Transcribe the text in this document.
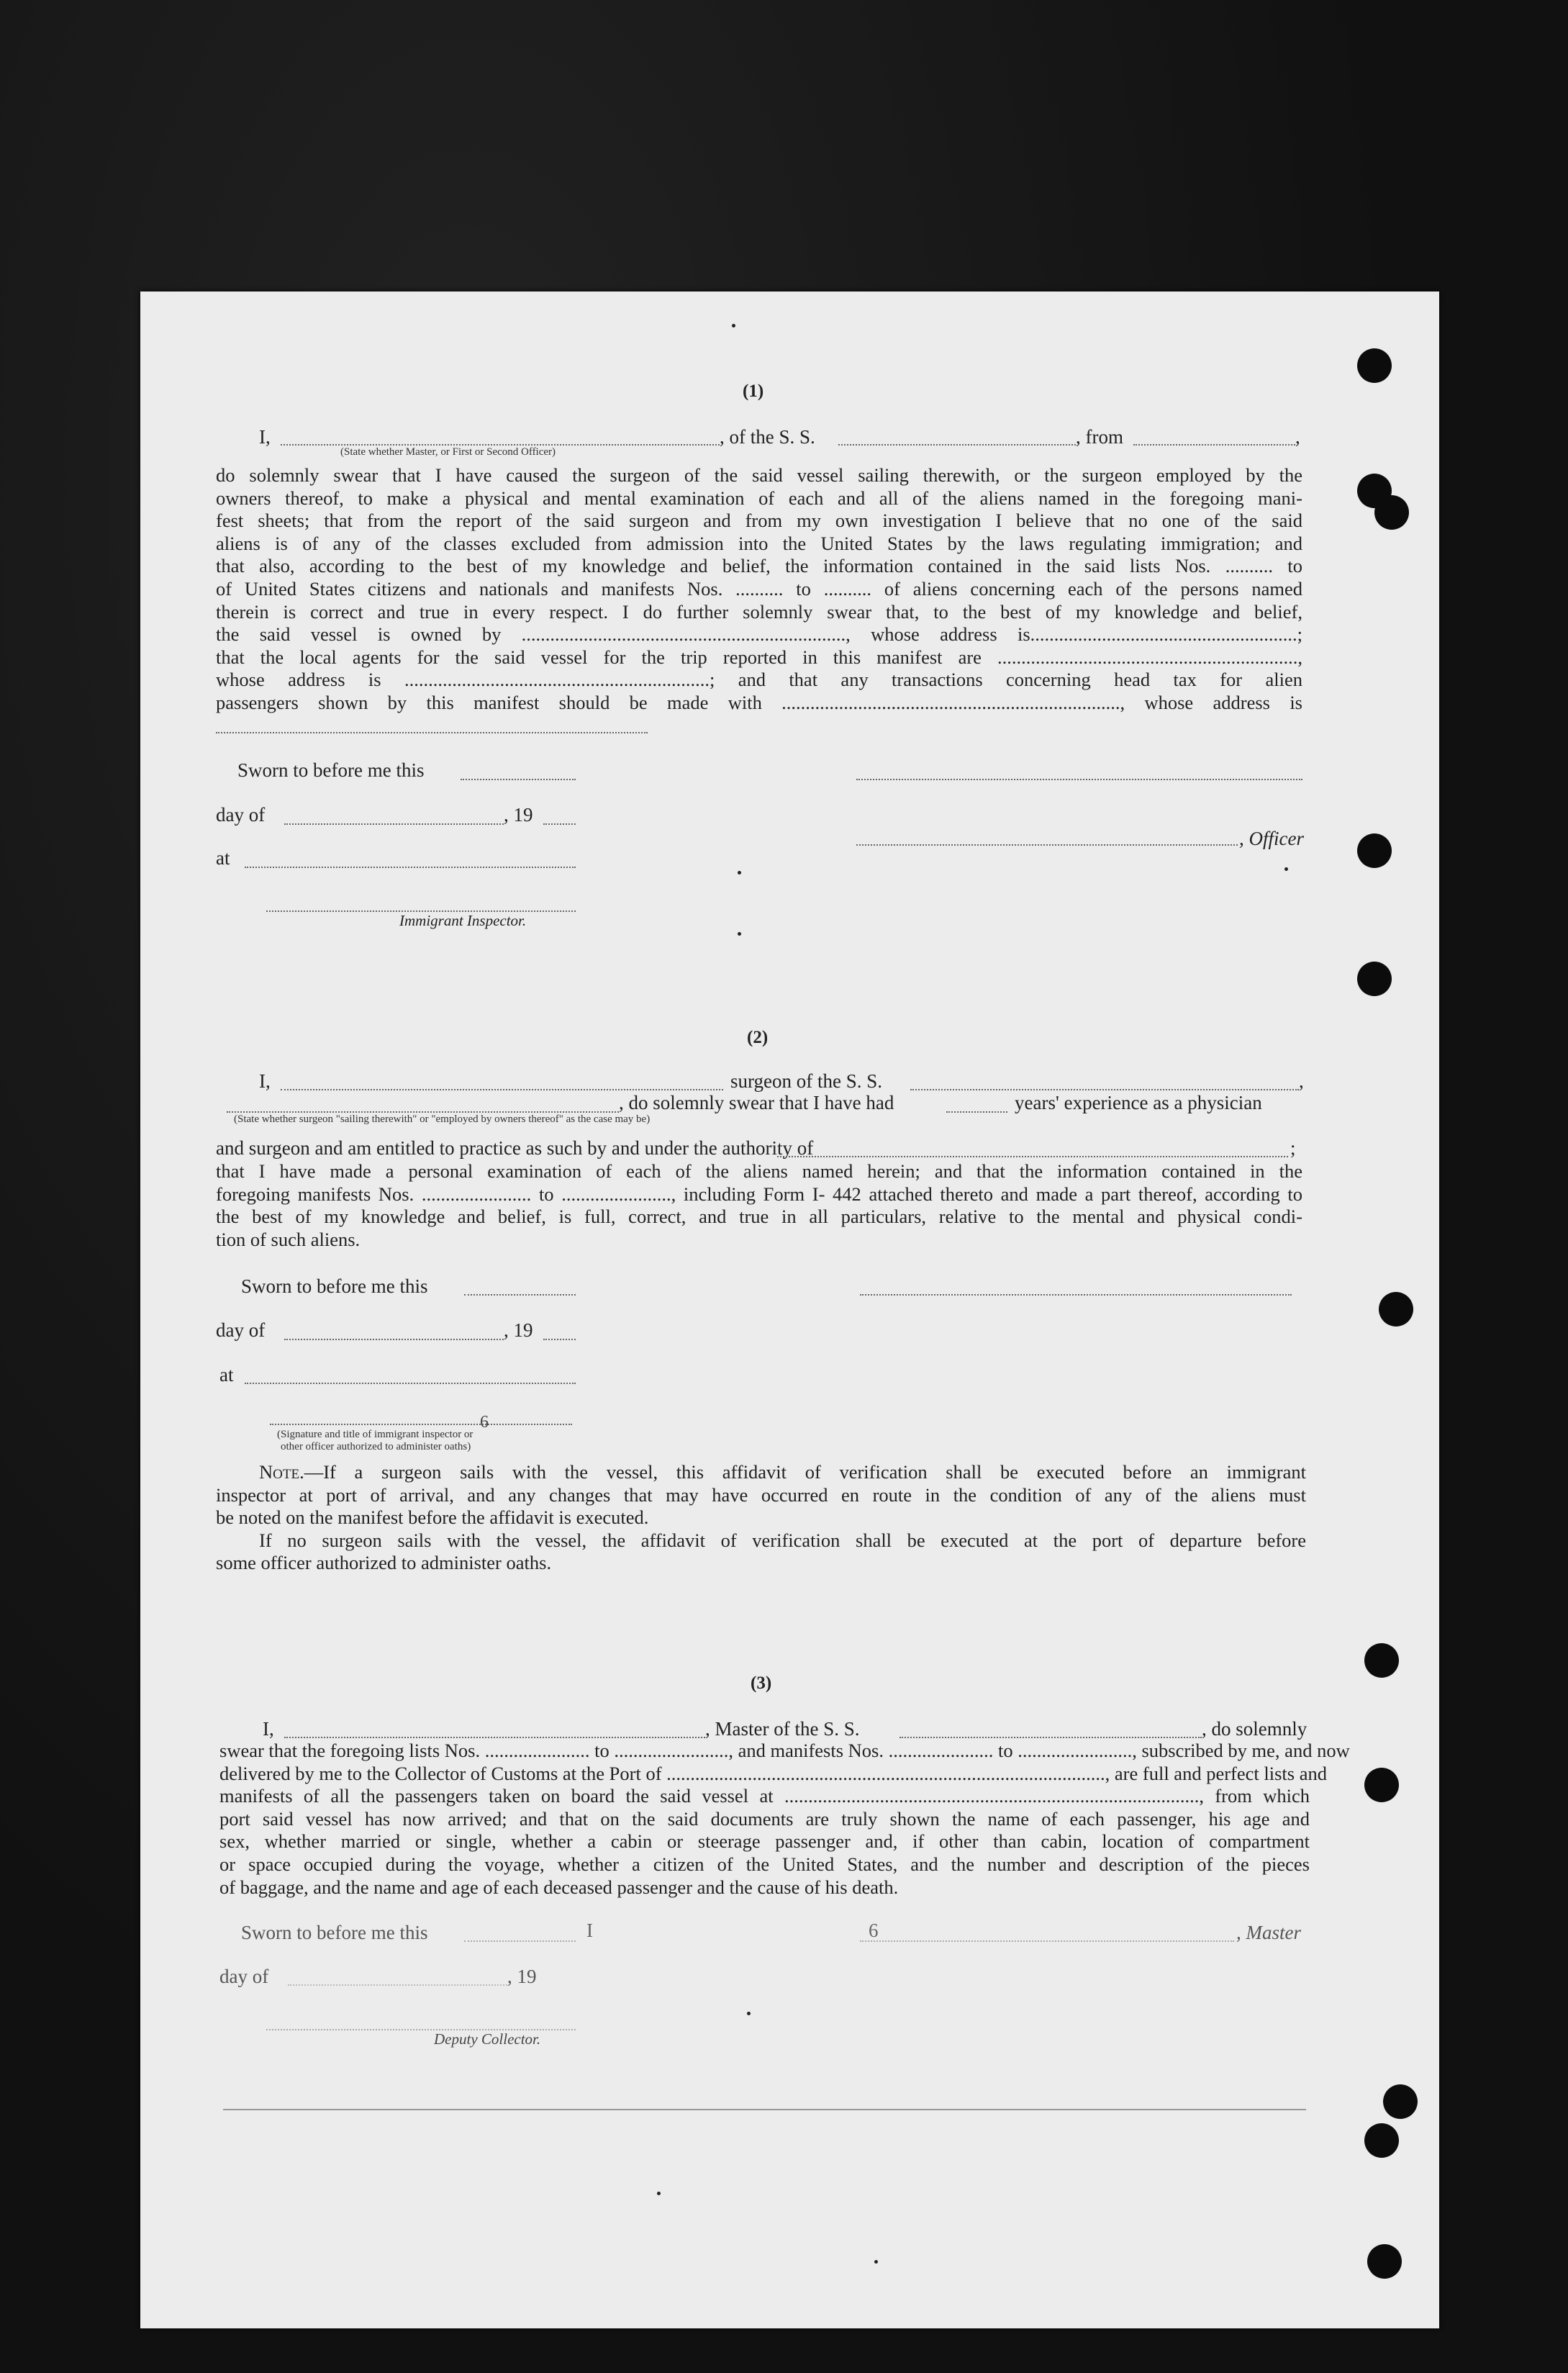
(1)
I,	, of the S. S.	, from	,
(State whether Master, or First or Second Officer)
do solemnly swear that I have caused the surgeon of the said vessel sailing therewith, or the surgeon employed by the
owners thereof, to make a physical and mental examination of each and all of the aliens named in the foregoing mani-
fest sheets; that from the report of the said surgeon and from my own investigation I believe that no one of the said
aliens is of any of the classes excluded from admission into the United States by the laws regulating immigration; and
that also, according to the best of my knowledge and belief, the information contained in the said lists Nos. .......... to
of United States citizens and nationals and manifests Nos. .......... to .......... of aliens concerning each of the persons named
therein is correct and true in every respect. I do further solemnly swear that, to the best of my knowledge and belief,
the said vessel is owned by ...................................................................., whose address is........................................................;
that the local agents for the said vessel for the trip reported in this manifest are ...............................................................,
whose address is ................................................................; and that any transactions concerning head tax for alien
passengers shown by this manifest should be made with ......................................................................., whose address is
Sworn to before me this
day of	, 19
, Officer
at
Immigrant Inspector.
(2)
I,	surgeon of the S. S.	,
, do solemnly swear that I have had	years' experience as a physician
(State whether surgeon "sailing therewith" or "employed by owners thereof" as the case may be)
and surgeon and am entitled to practice as such by and under the authority of	;
that I have made a personal examination of each of the aliens named herein; and that the information contained in the
foregoing manifests Nos. ....................... to ......................., including Form I- 442 attached thereto and made a part thereof, according to
the best of my knowledge and belief, is full, correct, and true in all particulars, relative to the mental and physical condi-
tion of such aliens.
Sworn to before me this
day of	, 19
at
(Signature and title of immigrant inspector or
other officer authorized to administer oaths)
6
Note.—If a surgeon sails with the vessel, this affidavit of verification shall be executed before an immigrant
inspector at port of arrival, and any changes that may have occurred en route in the condition of any of the aliens must
be noted on the manifest before the affidavit is executed.
If no surgeon sails with the vessel, the affidavit of verification shall be executed at the port of departure before
some officer authorized to administer oaths.
(3)
I,	, Master of the S. S.	, do solemnly
swear that the foregoing lists Nos. ...................... to ........................, and manifests Nos. ...................... to ........................, subscribed by me, and now
delivered by me to the Collector of Customs at the Port of ............................................................................................, are full and perfect lists and
manifests of all the passengers taken on board the said vessel at ......................................................................................., from which
port said vessel has now arrived; and that on the said documents are truly shown the name of each passenger, his age and
sex, whether married or single, whether a cabin or steerage passenger and, if other than cabin, location of compartment
or space occupied during the voyage, whether a citizen of the United States, and the number and description of the pieces
of baggage, and the name and age of each deceased passenger and the cause of his death.
Sworn to before me this	6
I	, Master
day of	, 19
Deputy Collector.
